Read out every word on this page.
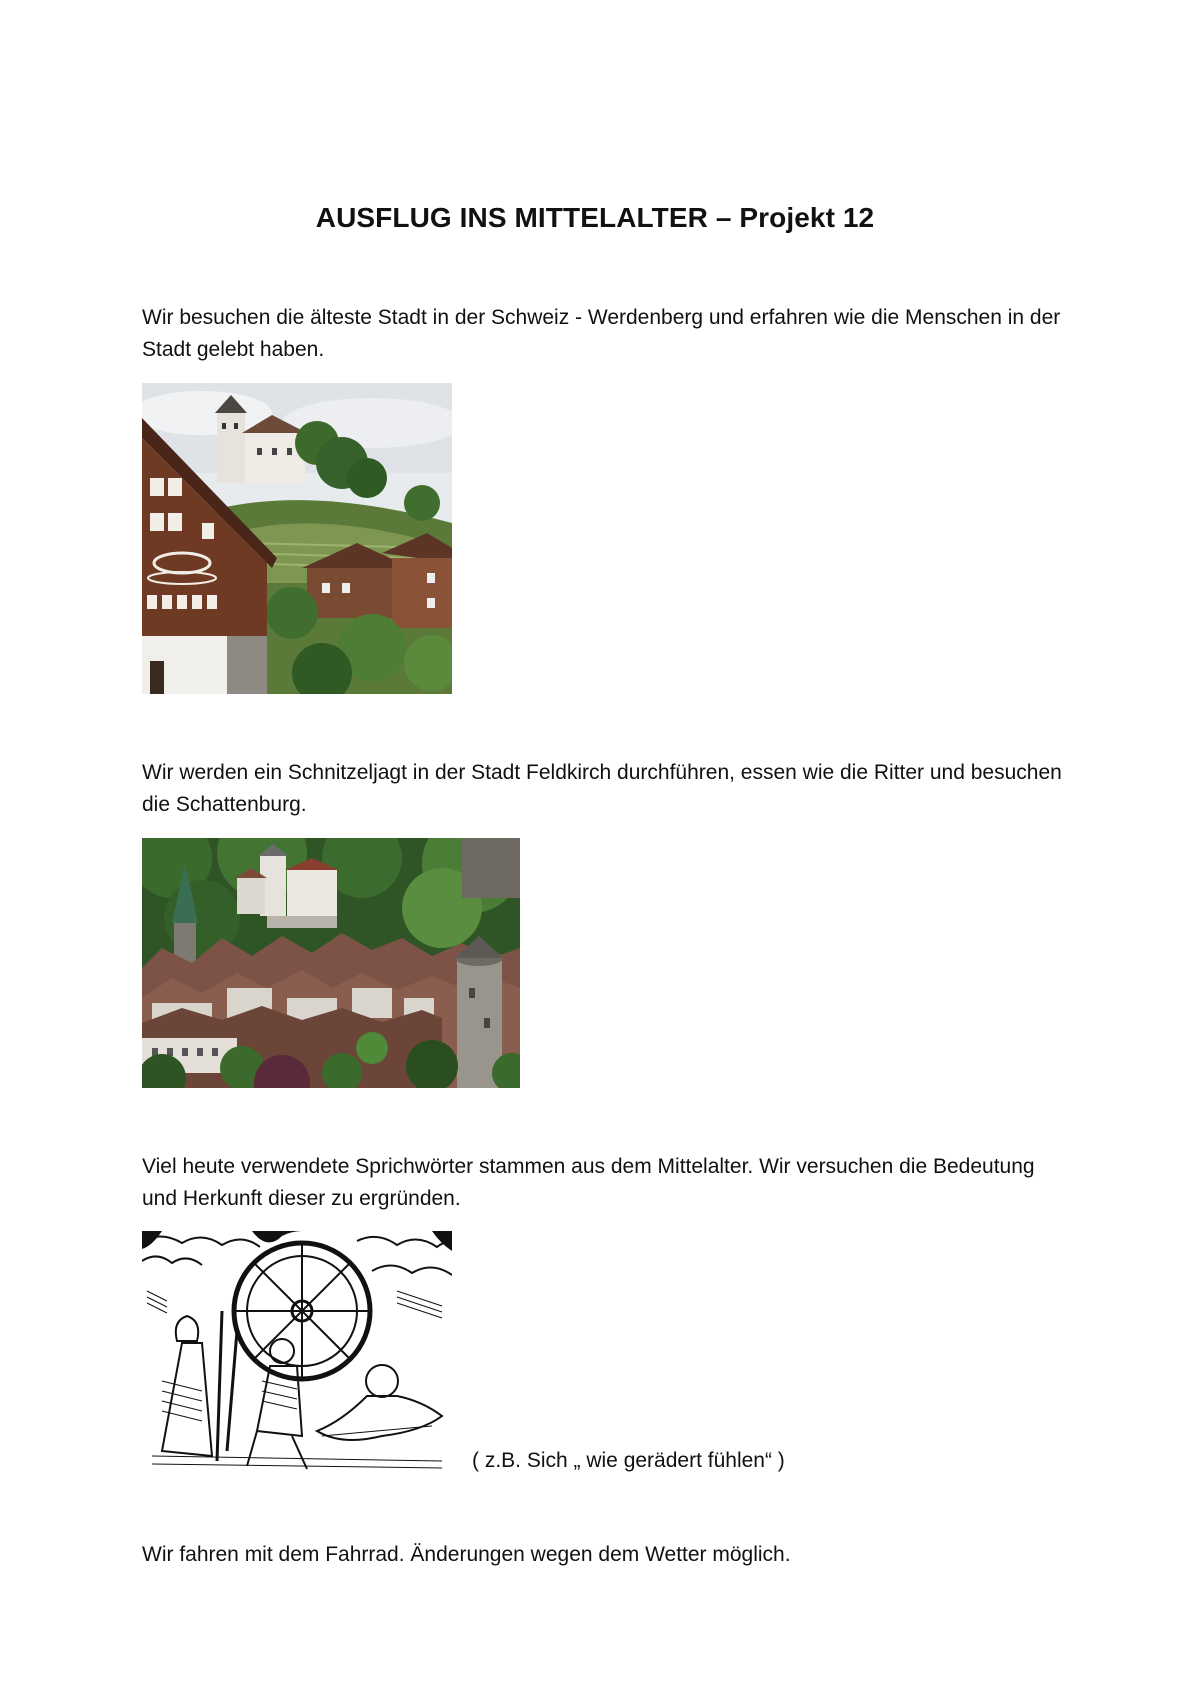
AUSFLUG INS MITTELALTER – Projekt 12
Wir besuchen die älteste Stadt in der Schweiz - Werdenberg und erfahren wie die Menschen in der Stadt gelebt haben.
Wir werden ein Schnitzeljagt in der Stadt Feldkirch durchführen, essen wie die Ritter und besuchen die Schattenburg.
Viel heute verwendete Sprichwörter stammen aus dem Mittelalter. Wir versuchen die Bedeutung und Herkunft dieser zu ergründen.
( z.B. Sich „ wie gerädert fühlen“ )
Wir fahren mit dem Fahrrad. Änderungen wegen dem Wetter möglich.
